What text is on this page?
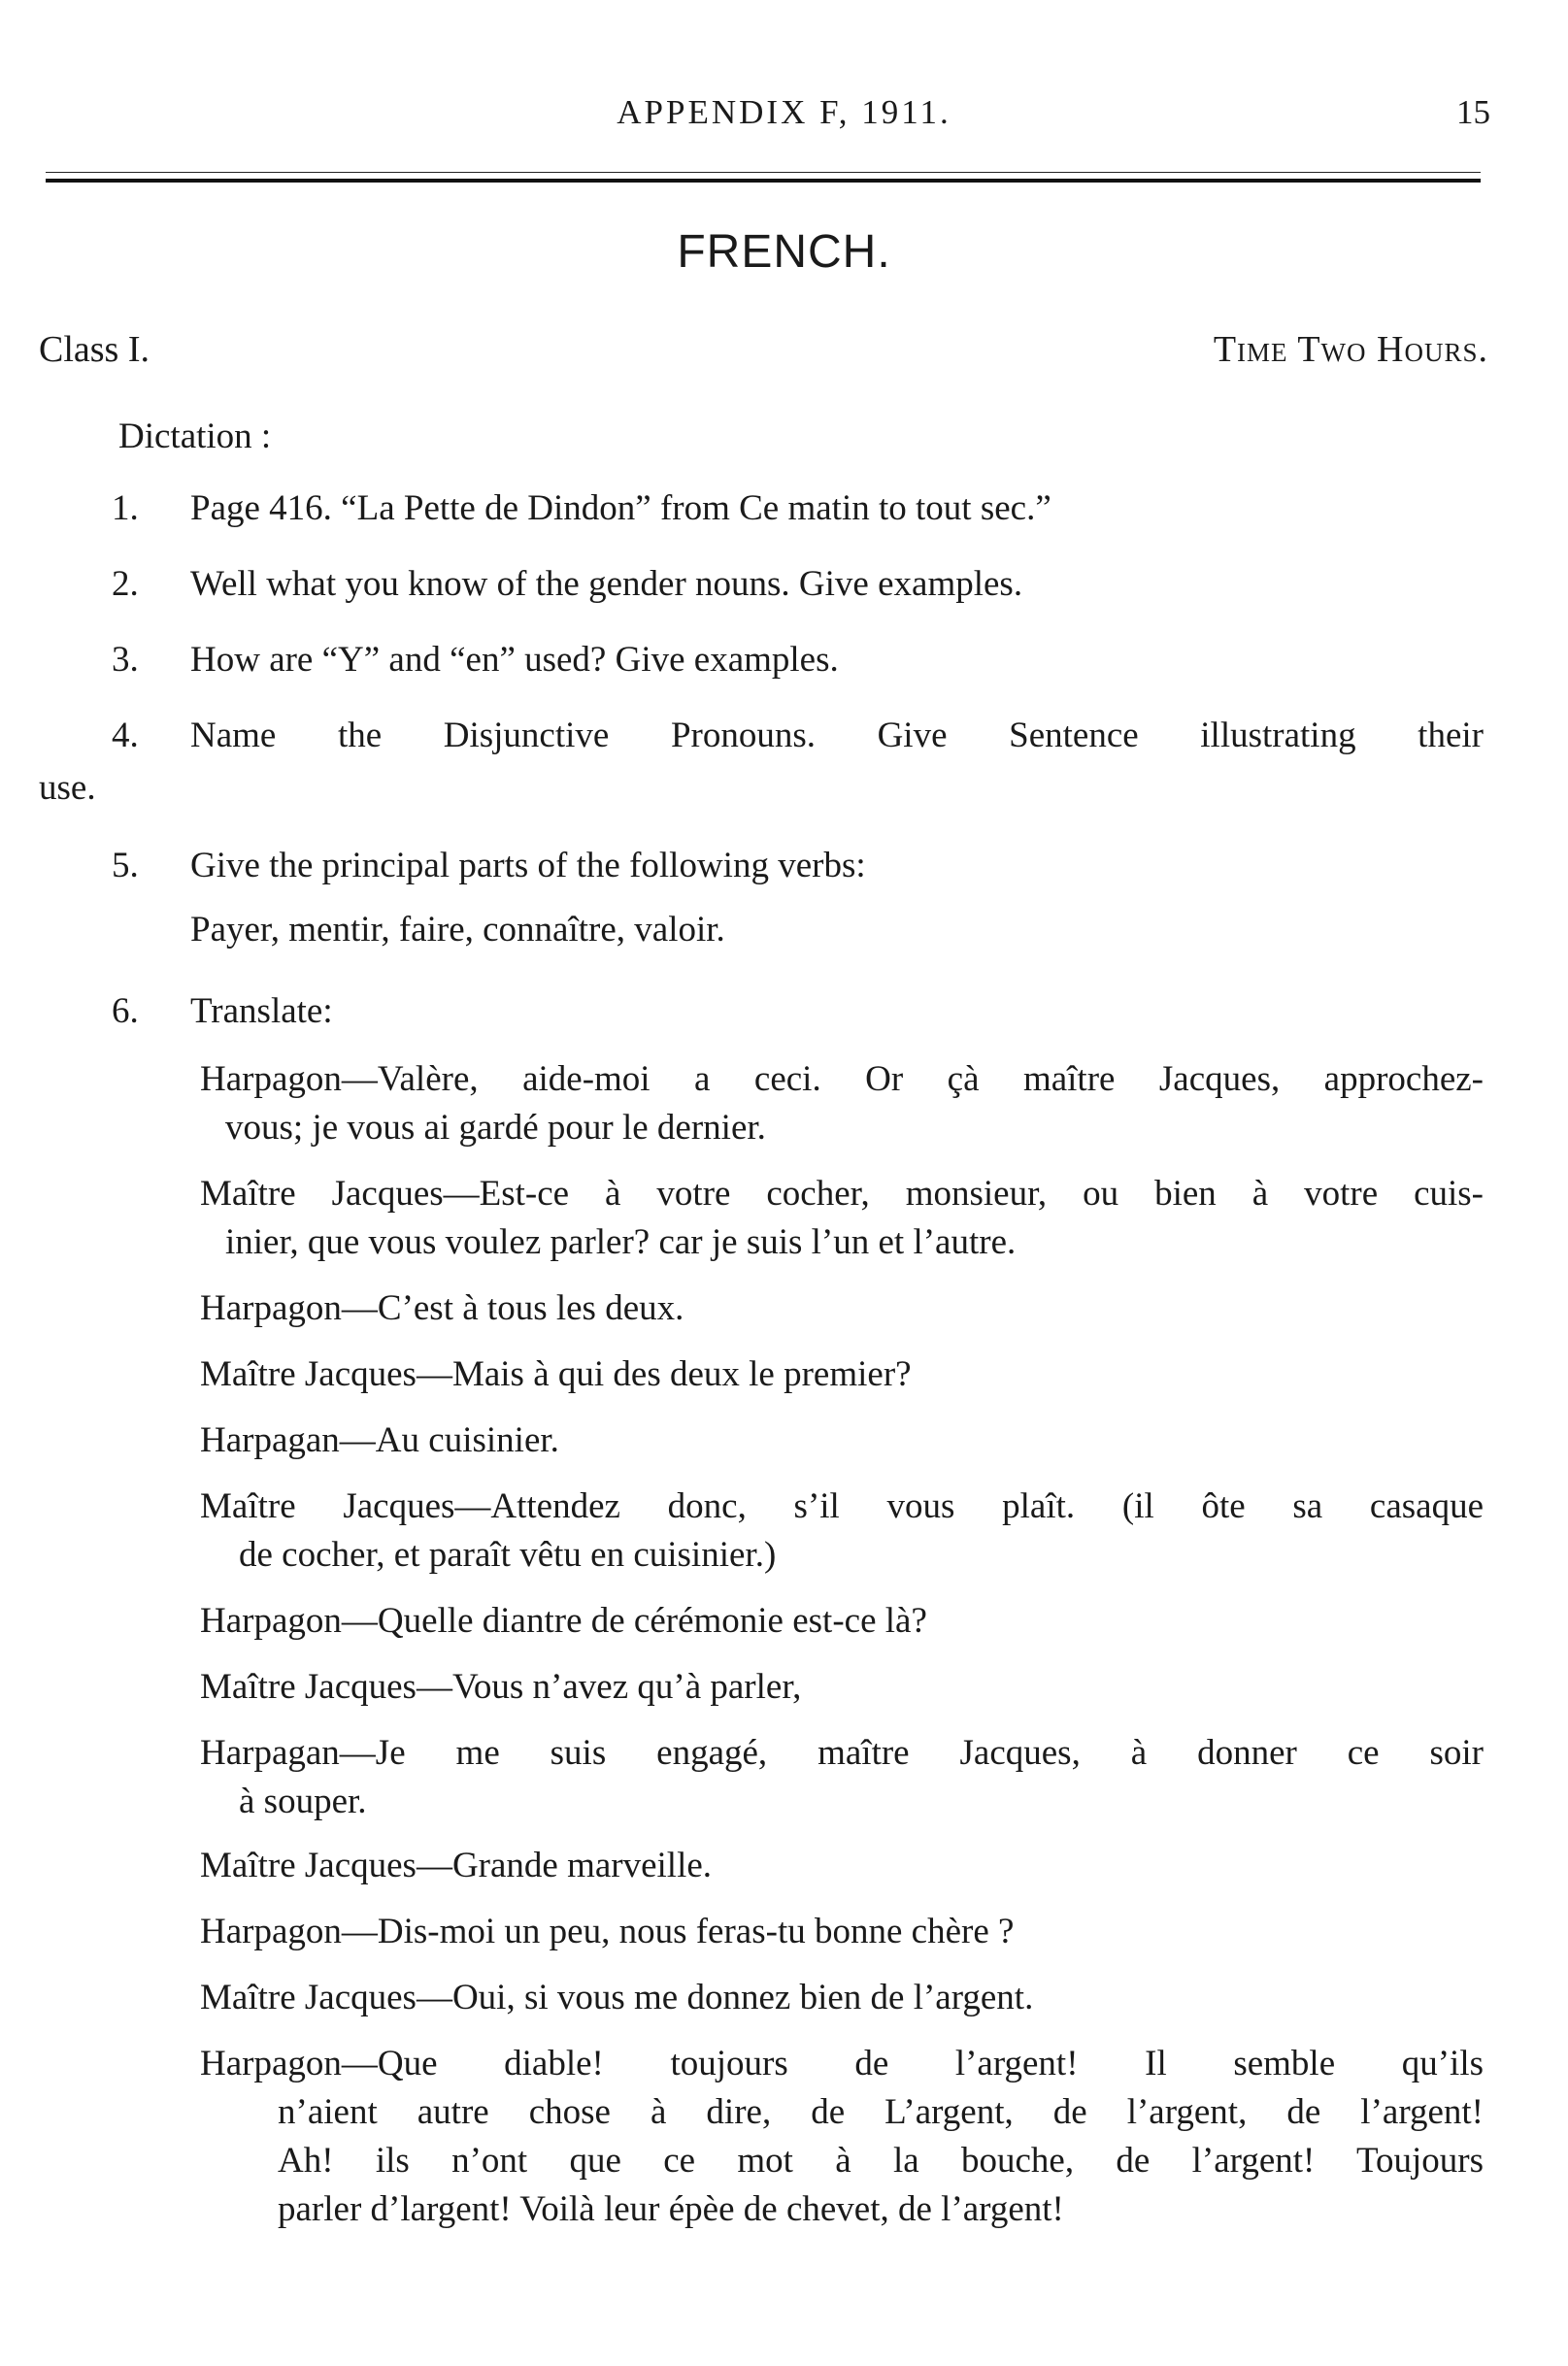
APPENDIX F, 1911.	15
FRENCH.
Class I.	Time Two Hours.
Dictation :
1. Page 416. “La Pette de Dindon” from Ce matin to tout sec.”
2. Well what you know of the gender nouns. Give examples.
3. How are “Y” and “en” used? Give examples.
4. Name the Disjunctive Pronouns. Give Sentence illustrating their
use.
5. Give the principal parts of the following verbs:
Payer, mentir, faire, connaître, valoir.
6. Translate:
Harpagon—Valère, aide-moi a ceci. Or çà maître Jacques, approchez-
vous; je vous ai gardé pour le dernier.
Maître Jacques—Est-ce à votre cocher, monsieur, ou bien à votre cuis-
inier, que vous voulez parler? car je suis l’un et l’autre.
Harpagon—C’est à tous les deux.
Maître Jacques—Mais à qui des deux le premier?
Harpagan—Au cuisinier.
Maître Jacques—Attendez donc, s’il vous plaît. (il ôte sa casaque
de cocher, et paraît vêtu en cuisinier.)
Harpagon—Quelle diantre de cérémonie est-ce là?
Maître Jacques—Vous n’avez qu’à parler,
Harpagan—Je me suis engagé, maître Jacques, à donner ce soir
à souper.
Maître Jacques—Grande marveille.
Harpagon—Dis-moi un peu, nous feras-tu bonne chère ?
Maître Jacques—Oui, si vous me donnez bien de l’argent.
Harpagon—Que diable! toujours de l’argent! Il semble qu’ils
n’aient autre chose à dire, de L’argent, de l’argent, de l’argent!
Ah! ils n’ont que ce mot à la bouche, de l’argent! Toujours
parler d’largent! Voilà leur épèe de chevet, de l’argent!
